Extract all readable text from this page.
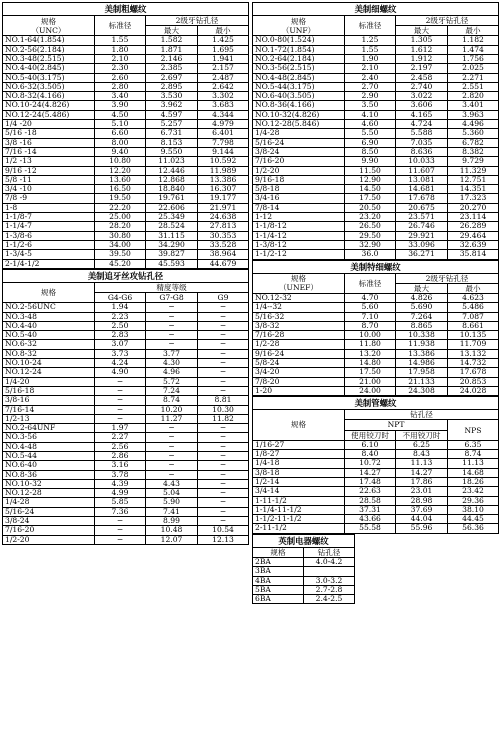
美制粗螺纹			
规格
（UNC）	标准径	2级牙钻孔径	
		最大	最小
NO.1-64(1.854)	1.55	1.582	1.425
NO.2-56(2.184)	1.80	1.871	1.695
NO.3-48(2.515)	2.10	2.146	1.941
NO.4-40(2.845)	2.30	2.385	2.157
NO.5-40(3.175)	2.60	2.697	2.487
NO.6-32(3.505)	2.80	2.895	2.642
NO.8-32(4.166)	3.40	3.530	3.302
NO.10-24(4.826)	3.90	3.962	3.683
NO.12-24(5.486)	4.50	4.597	4.344
1/4 -20	5.10	5.257	4.979
5/16 -18	6.60	6.731	6.401
3/8 -16	8.00	8.153	7.798
7/16 -14	9.40	9.550	9.144
1/2 -13	10.80	11.023	10.592
9/16 -12	12.20	12.446	11.989
5/8 -11	13.60	12.868	13.386
3/4 -10	16.50	18.840	16.307
7/8 -9	19.50	19.761	19.177
1-8	22.20	22.606	21.971
1-1/8-7	25.00	25.349	24.638
1-1/4-7	28.20	28.524	27.813
1-3/8-6	30.80	31.115	30.353
1-1/2-6	34.00	34.290	33.528
1-3/4-5	39.50	39.827	38.964
2-1/4-1/2	45.20	45.593	44.679
美制追牙丝攻钻孔径			
规格	精度等级		
	G4-G6	G7-G8	G9
NO.2-56UNC	1.94	−	−
NO.3-48	2.23	−	−
NO.4-40	2.50	−	−
NO.5-40	2.83	−	−
NO.6-32	3.07	−	−
NO.8-32	3.73	3.77	−
NO.10-24	4.24	4.30	−
NO.12-24	4.90	4.96	−
1/4-20	−	5.72	−
5/16-18	−	7.24	−
3/8-16	−	8.74	8.81
7/16-14	−	10.20	10.30
1/2-13	−	11.27	11.82
NO.2-64UNF	1.97	−	−
NO.3-56	2.27	−	−
NO.4-48	2.56	−	−
NO.5-44	2.86	−	−
NO.6-40	3.16	−	−
NO.8-36	3.78	−	−
NO.10-32	4.39	4.43	−
NO.12-28	4.99	5.04	−
1/4-28	5.85	5.90	−
5/16-24	7.36	7.41	−
3/8-24	−	8.99	−
7/16-20	−	10.48	10.54
1/2-20	−	12.07	12.13
美制细螺纹			
规格
（UNF）	标准径	2级牙钻孔径	
		最大	最小
NO.0-80(1.524)	1.25	1.305	1.182
NO.1-72(1.854)	1.55	1.612	1.474
NO.2-64(2.184)	1.90	1.912	1.756
NO.3-56(2.515)	2.10	2.197	2.025
NO.4-48(2.845)	2.40	2.458	2.271
NO.5-44(3.175)	2.70	2.740	2.551
NO.6-40(3.505)	2.90	3.022	2.820
NO.8-36(4.166)	3.50	3.606	3.401
NO.10-32(4.826)	4.10	4.165	3.963
NO.12-28(5.846)	4.60	4.724	4.496
1/4-28	5.50	5.588	5.360
5/16-24	6.90	7.035	6.782
3/8-24	8.50	8.636	8.382
7/16-20	9.90	10.033	9.729
1/2-20	11.50	11.607	11.329
9/16-18	12.90	13.081	12.751
5/8-18	14.50	14.681	14.351
3/4-16	17.50	17.678	17.323
7/8-14	20.50	20.675	20.270
1-12	23.20	23.571	23.114
1-1/8-12	26.50	26.746	26.289
1-1/4-12	29.50	29.921	29.464
1-3/8-12	32.90	33.096	32.639
1-1/2-12	36.0	36.271	35.814
美制特细螺纹			
规格
（UNEF）	标准径	2级牙钻孔径	
		最大	最小
NO.12-32	4.70	4.826	4.623
1/4--32	5.60	5.690	5.486
5/16-32	7.10	7.264	7.087
3/8-32	8.70	8.865	8.661
7/16-28	10.00	10.338	10.135
1/2-28	11.80	11.938	11.709
9/16-24	13.20	13.386	13.132
5/8-24	14.80	14.986	14.732
3/4-20	17.50	17.958	17.678
7/8-20	21.00	21.133	20.853
1-20	24.00	24.308	24.028
美制管螺纹			
规格	钻孔径		
	NPT		NPS
	使用铰刀时	不用铰刀时	
1/16-27	6.10	6.25	6.35
1/8-27	8.40	8.43	8.74
1/4-18	10.72	11.13	11.13
3/8-18	14.27	14.27	14.68
1/2-14	17.48	17.86	18.26
3/4-14	22.63	23.01	23.42
1-11-1/2	28.58	28.98	29.36
1-1/4-11-1/2	37.31	37.69	38.10
1-1/2-11-1/2	43.66	44.04	44.45
2-11-1/2	55.58	55.96	56.36
英制电器螺纹	
规格	钻孔径
2BA	4.0-4.2
3BA	
4BA	3.0-3.2
5BA	2.7-2.8
6BA	2.4-2.5
